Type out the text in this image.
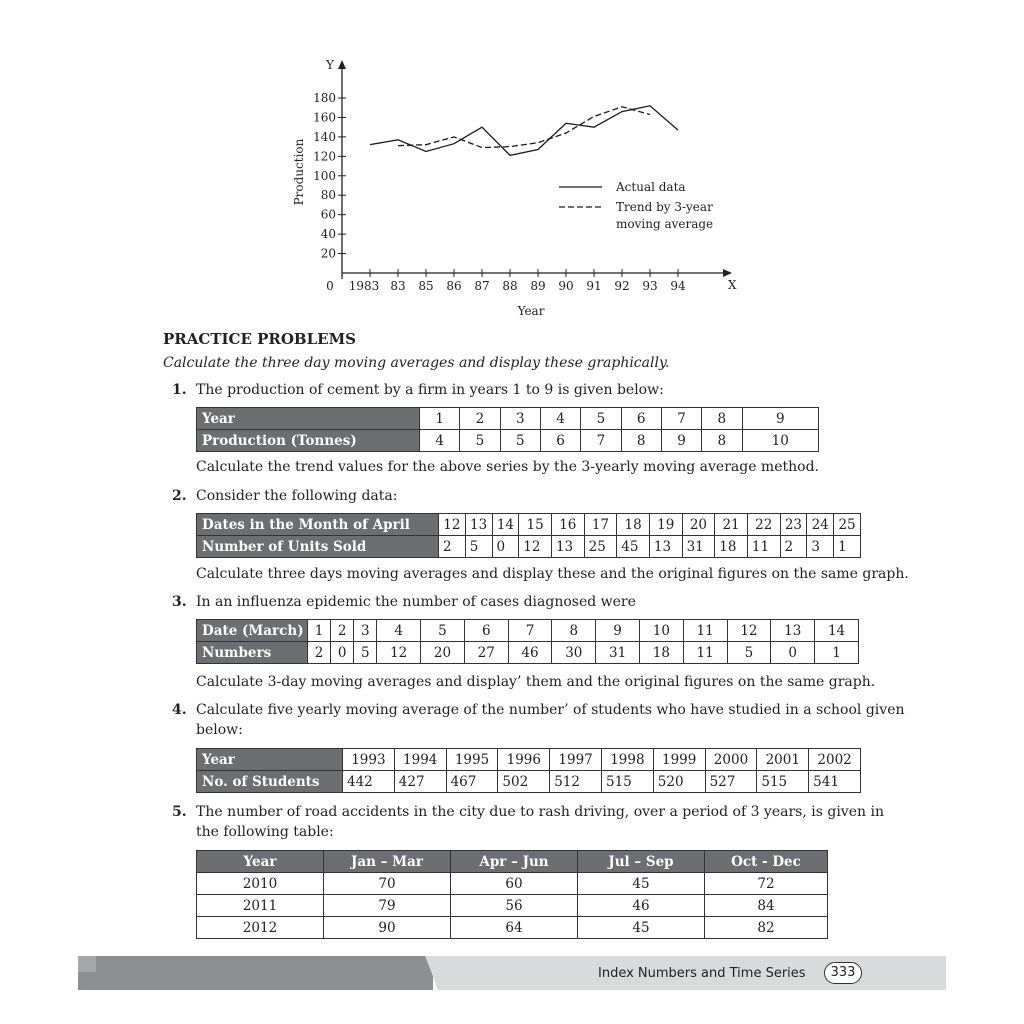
Y
X
0
20
40
60
80
100
120
140
160
180
1983 83 85 86 87 88 89 90 91 92 93 94
Production
Year
Actual data
Trend by 3-year
moving average
PRACTICE PROBLEMS
Calculate the three day moving averages and display these graphically.
1. The production of cement by a firm in years 1 to 9 is given below:
Year	1	2	3	4	5	6	7	8	9
Production (Tonnes)	4	5	5	6	7	8	9	8	10
Calculate the trend values for the above series by the 3-yearly moving average method.
2. Consider the following data:
Dates in the Month of April	12	13	14	15	16	17	18	19	20	21	22	23	24	25
Number of Units Sold	2	5	0	12	13	25	45	13	31	18	11	2	3	1
Calculate three days moving averages and display these and the original figures on the same graph.
3. In an influenza epidemic the number of cases diagnosed were
Date (March)	1	2	3	4	5	6	7	8	9	10	11	12	13	14
Numbers	2	0	5	12	20	27	46	30	31	18	11	5	0	1
Calculate 3-day moving averages and display’ them and the original figures on the same graph.
4. Calculate five yearly moving average of the number’ of students who have studied in a school given
below:
Year	1993	1994	1995	1996	1997	1998	1999	2000	2001	2002
No. of Students	442	427	467	502	512	515	520	527	515	541
5. The number of road accidents in the city due to rash driving, over a period of 3 years, is given in
the following table:
Year	Jan – Mar	Apr – Jun	Jul – Sep	Oct - Dec
2010	70	60	45	72
2011	79	56	46	84
2012	90	64	45	82
Index Numbers and Time Series	333
